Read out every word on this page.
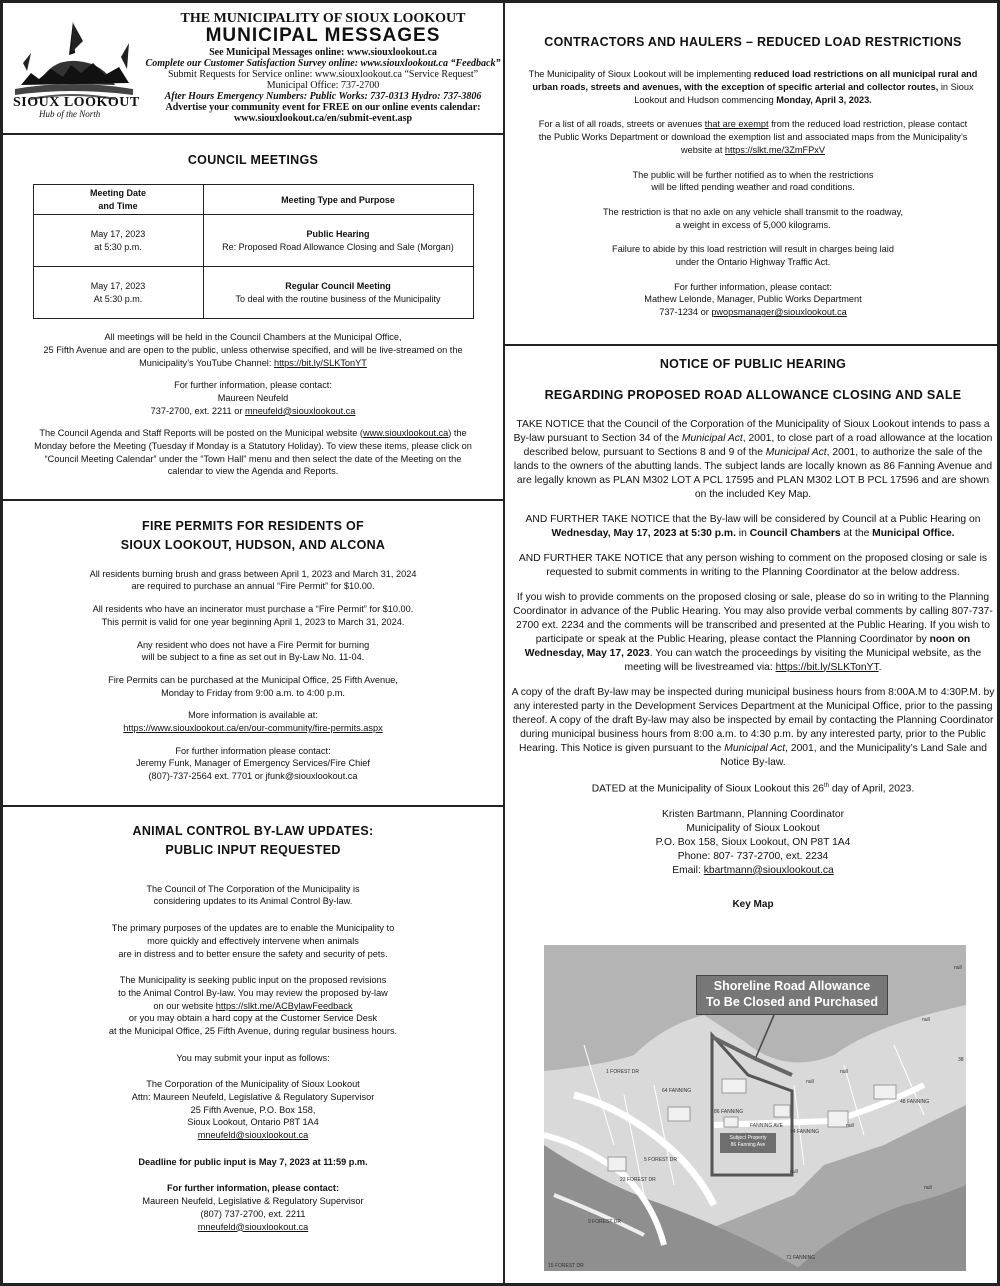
SIOUX LOOKOUT
Hub of the North
THE MUNICIPALITY OF SIOUX LOOKOUT
MUNICIPAL MESSAGES
See Municipal Messages online: www.siouxlookout.ca
Complete our Customer Satisfaction Survey online: www.siouxlookout.ca “Feedback”
Submit Requests for Service online: www.siouxlookout.ca “Service Request”
Municipal Office: 737-2700
After Hours Emergency Numbers: Public Works: 737-0313 Hydro: 737-3806
Advertise your community event for FREE on our online events calendar:
www.siouxlookout.ca/en/submit-event.asp
COUNCIL MEETINGS
Meeting Date
and Time	Meeting Type and Purpose
May 17, 2023
at 5:30 p.m.	Public Hearing
Re: Proposed Road Allowance Closing and Sale (Morgan)
May 17, 2023
At 5:30 p.m.	Regular Council Meeting
To deal with the routine business of the Municipality
All meetings will be held in the Council Chambers at the Municipal Office,
25 Fifth Avenue and are open to the public, unless otherwise specified, and will be live-streamed on the
Municipality’s YouTube Channel: https://bit.ly/SLKTonYT
For further information, please contact:
Maureen Neufeld
737-2700, ext. 2211 or mneufeld@siouxlookout.ca
The Council Agenda and Staff Reports will be posted on the Municipal website (www.siouxlookout.ca) the
Monday before the Meeting (Tuesday if Monday is a Statutory Holiday). To view these items, please click on
“Council Meeting Calendar” under the “Town Hall” menu and then select the date of the Meeting on the
calendar to view the Agenda and Reports.
FIRE PERMITS FOR RESIDENTS OF
SIOUX LOOKOUT, HUDSON, AND ALCONA
All residents burning brush and grass between April 1, 2023 and March 31, 2024
are required to purchase an annual “Fire Permit” for $10.00.
All residents who have an incinerator must purchase a “Fire Permit” for $10.00.
This permit is valid for one year beginning April 1, 2023 to March 31, 2024.
Any resident who does not have a Fire Permit for burning
will be subject to a fine as set out in By-Law No. 11-04.
Fire Permits can be purchased at the Municipal Office, 25 Fifth Avenue,
Monday to Friday from 9:00 a.m. to 4:00 p.m.
More information is available at:
https://www.siouxlookout.ca/en/our-community/fire-permits.aspx
For further information please contact:
Jeremy Funk, Manager of Emergency Services/Fire Chief
(807)-737-2564 ext. 7701 or jfunk@siouxlookout.ca
ANIMAL CONTROL BY-LAW UPDATES:
PUBLIC INPUT REQUESTED
The Council of The Corporation of the Municipality is
considering updates to its Animal Control By-law.
The primary purposes of the updates are to enable the Municipality to
more quickly and effectively intervene when animals
are in distress and to better ensure the safety and security of pets.
The Municipality is seeking public input on the proposed revisions
to the Animal Control By-law. You may review the proposed by-law
on our website https://slkt.me/ACBylawFeedback
or you may obtain a hard copy at the Customer Service Desk
at the Municipal Office, 25 Fifth Avenue, during regular business hours.
You may submit your input as follows:
The Corporation of the Municipality of Sioux Lookout
Attn: Maureen Neufeld, Legislative & Regulatory Supervisor
25 Fifth Avenue, P.O. Box 158,
Sioux Lookout, Ontario P8T 1A4
mneufeld@siouxlookout.ca
Deadline for public input is May 7, 2023 at 11:59 p.m.
For further information, please contact:
Maureen Neufeld, Legislative & Regulatory Supervisor
(807) 737-2700, ext. 2211
mneufeld@siouxlookout.ca
CONTRACTORS AND HAULERS – REDUCED LOAD RESTRICTIONS
The Municipality of Sioux Lookout will be implementing reduced load restrictions on all municipal rural and
urban roads, streets and avenues, with the exception of specific arterial and collector routes, in Sioux
Lookout and Hudson commencing Monday, April 3, 2023.
For a list of all roads, streets or avenues that are exempt from the reduced load restriction, please contact
the Public Works Department or download the exemption list and associated maps from the Municipality’s
website at https://slkt.me/3ZmFPxV
The public will be further notified as to when the restrictions
will be lifted pending weather and road conditions.
The restriction is that no axle on any vehicle shall transmit to the roadway,
a weight in excess of 5,000 kilograms.
Failure to abide by this load restriction will result in charges being laid
under the Ontario Highway Traffic Act.
For further information, please contact:
Mathew Lelonde, Manager, Public Works Department
737-1234 or pwopsmanager@siouxlookout.ca
NOTICE OF PUBLIC HEARING
REGARDING PROPOSED ROAD ALLOWANCE CLOSING AND SALE
TAKE NOTICE that the Council of the Corporation of the Municipality of Sioux Lookout intends to pass a By-law pursuant to Section 34 of the Municipal Act, 2001, to close part of a road allowance at the location described below, pursuant to Sections 8 and 9 of the Municipal Act, 2001, to authorize the sale of the lands to the owners of the abutting lands. The subject lands are locally known as 86 Fanning Avenue and are legally known as PLAN M302 LOT A PCL 17595 and PLAN M302 LOT B PCL 17596 and are shown on the included Key Map.
AND FURTHER TAKE NOTICE that the By-law will be considered by Council at a Public Hearing on Wednesday, May 17, 2023 at 5:30 p.m. in Council Chambers at the Municipal Office.
AND FURTHER TAKE NOTICE that any person wishing to comment on the proposed closing or sale is requested to submit comments in writing to the Planning Coordinator at the below address.
If you wish to provide comments on the proposed closing or sale, please do so in writing to the Planning Coordinator in advance of the Public Hearing. You may also provide verbal comments by calling 807-737-2700 ext. 2234 and the comments will be transcribed and presented at the Public Hearing. If you wish to participate or speak at the Public Hearing, please contact the Planning Coordinator by noon on Wednesday, May 17, 2023. You can watch the proceedings by visiting the Municipal website, as the meeting will be livestreamed via: https://bit.ly/SLKTonYT.
A copy of the draft By-law may be inspected during municipal business hours from 8:00A.M to 4:30P.M. by any interested party in the Development Services Department at the Municipal Office, prior to the passing thereof. A copy of the draft By-law may also be inspected by email by contacting the Planning Coordinator during municipal business hours from 8:00 a.m. to 4:30 p.m. by any interested party, prior to the Public Hearing. This Notice is given pursuant to the Municipal Act, 2001, and the Municipality’s Land Sale and Notice By-law.
DATED at the Municipality of Sioux Lookout this 26th day of April, 2023.
Kristen Bartmann, Planning Coordinator
Municipality of Sioux Lookout
P.O. Box 158, Sioux Lookout, ON P8T 1A4
Phone: 807- 737-2700, ext. 2234
Email: kbartmann@siouxlookout.ca
Key Map
Shoreline Road Allowance
To Be Closed and Purchased
Subject Property
86 Fanning Ave
1 FOREST DR
64 FANNING
86 FANNING
FANNING AVE
74 FANNING
48 FANNING
5 FOREST DR
23 FOREST DR
9 FOREST DR
15 FOREST DR
71 FANNING
38
null
null
null
null
null
null
null
